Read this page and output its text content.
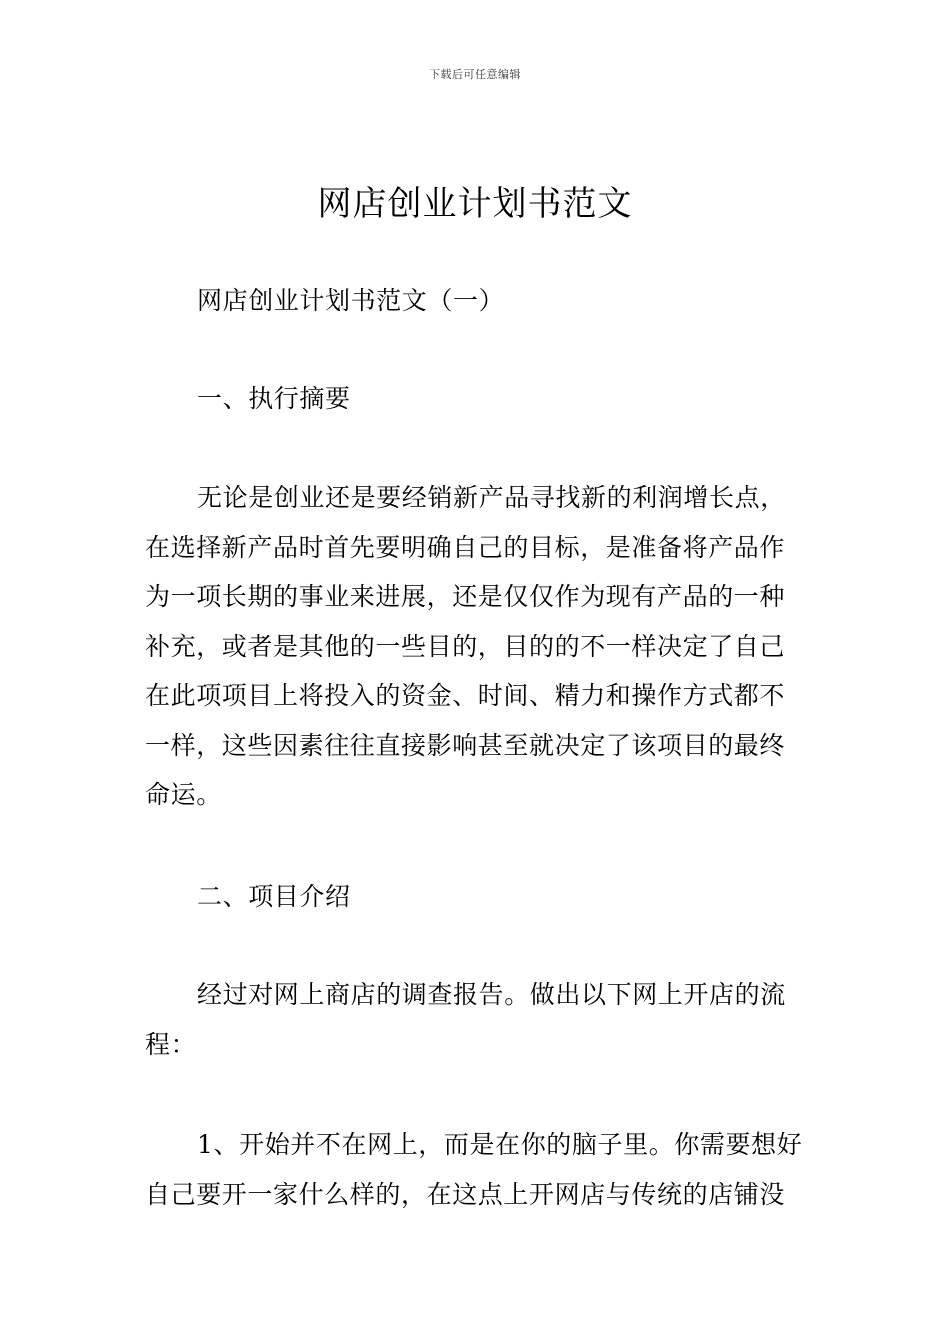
下载后可任意编辑
网店创业计划书范文

网店创业计划书范文（一）

一、执行摘要

无论是创业还是要经销新产品寻找新的利润增长点，在选择新产品时首先要明确自己的目标，是准备将产品作为一项长期的事业来进展，还是仅仅作为现有产品的一种补充，或者是其他的一些目的，目的的不一样决定了自己在此项项目上将投入的资金、时间、精力和操作方式都不一样，这些因素往往直接影响甚至就决定了该项目的最终命运。

二、项目介绍

经过对网上商店的调查报告。做出以下网上开店的流程：

1、开始并不在网上，而是在你的脑子里。你需要想好自己要开一家什么样的，在这点上开网店与传统的店铺没
